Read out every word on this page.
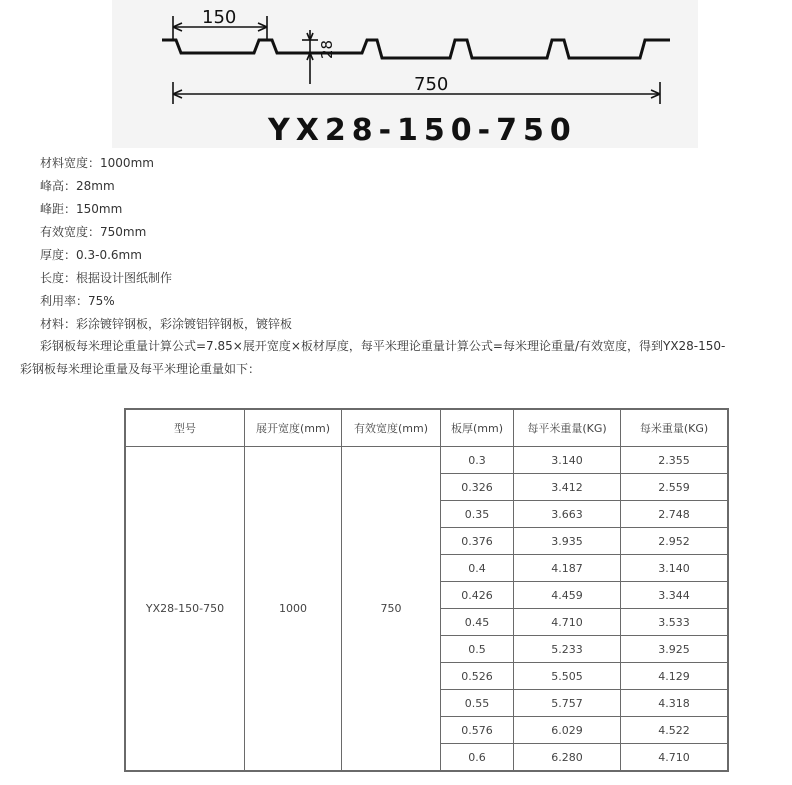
150
28
750
YX28-150-750
材料宽度：1000mm
峰高：28mm
峰距：150mm
有效宽度：750mm
厚度：0.3-0.6mm
长度：根据设计图纸制作
利用率：75%
材料：彩涂镀锌钢板，彩涂镀铝锌钢板，镀锌板
彩钢板每米理论重量计算公式=7.85×展开宽度×板材厚度，每平米理论重量计算公式=每米理论重量/有效宽度，得到YX28-150-
彩钢板每米理论重量及每平米理论重量如下：
型号	展开宽度(mm)	有效宽度(mm)	板厚(mm)	每平米重量(KG)	每米重量(KG)
YX28-150-750	1000	750	0.3	3.140	2.355
			0.326	3.412	2.559
			0.35	3.663	2.748
			0.376	3.935	2.952
			0.4	4.187	3.140
			0.426	4.459	3.344
			0.45	4.710	3.533
			0.5	5.233	3.925
			0.526	5.505	4.129
			0.55	5.757	4.318
			0.576	6.029	4.522
			0.6	6.280	4.710
